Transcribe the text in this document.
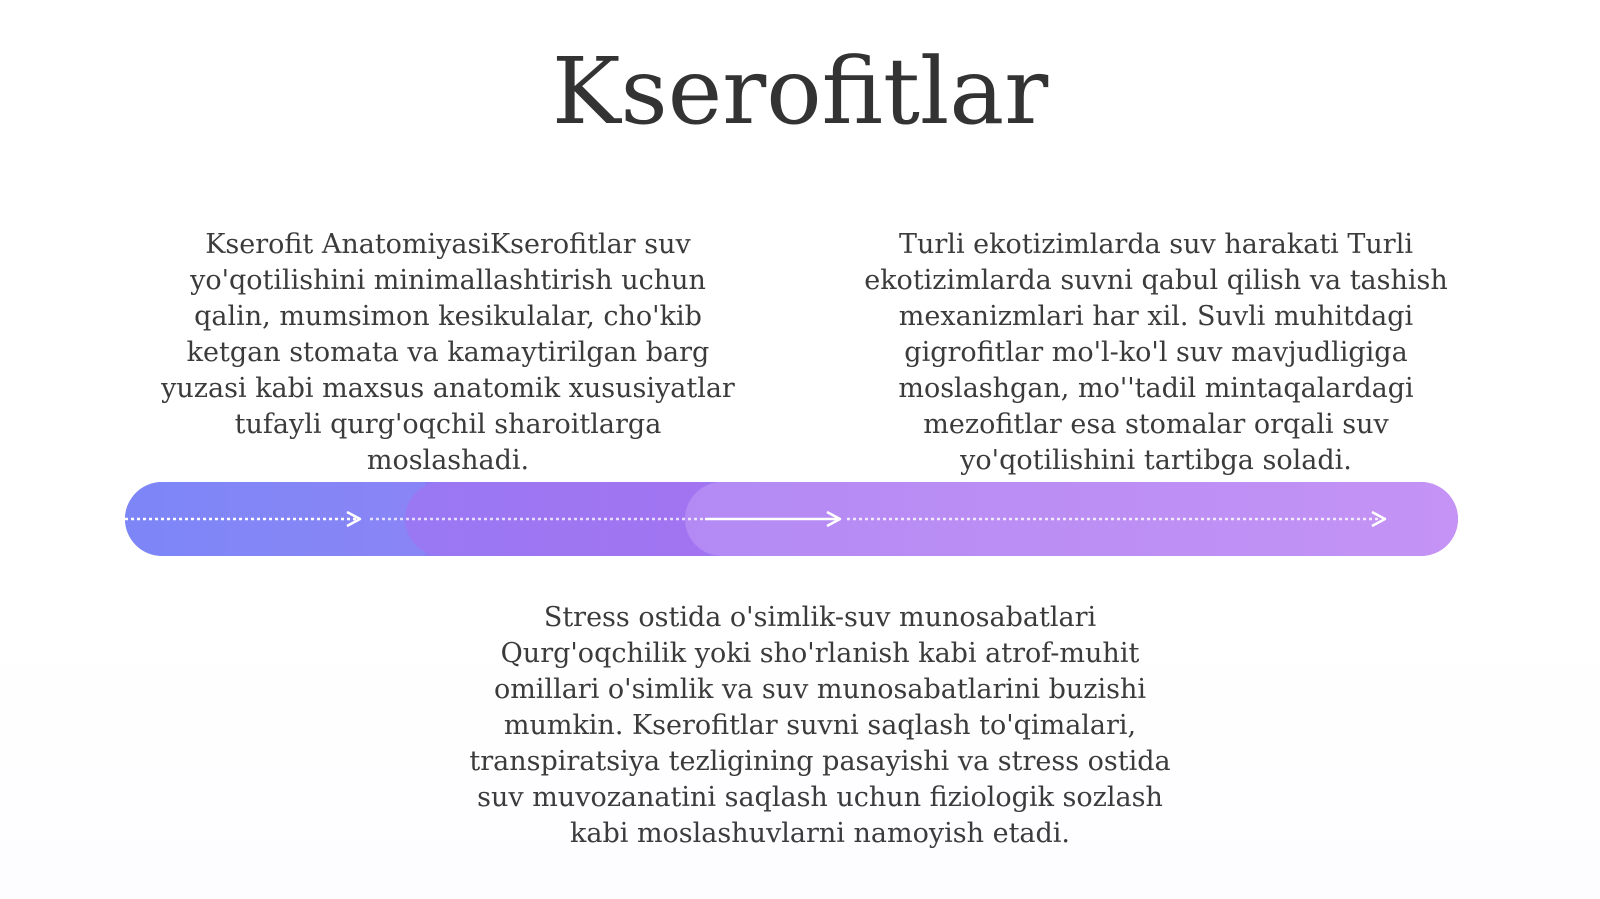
Kserofitlar
Kserofit AnatomiyasiKserofitlar suv yo'qotilishini minimallashtirish uchun qalin, mumsimon kesikulalar, cho'kib ketgan stomata va kamaytirilgan barg yuzasi kabi maxsus anatomik xususiyatlar tufayli qurg'oqchil sharoitlarga moslashadi.
Turli ekotizimlarda suv harakati Turli ekotizimlarda suvni qabul qilish va tashish mexanizmlari har xil. Suvli muhitdagi gigrofitlar mo'l-ko'l suv mavjudligiga moslashgan, mo''tadil mintaqalardagi mezofitlar esa stomalar orqali suv yo'qotilishini tartibga soladi.
Stress ostida o'simlik-suv munosabatlari Qurg'oqchilik yoki sho'rlanish kabi atrof-muhit omillari o'simlik va suv munosabatlarini buzishi mumkin. Kserofitlar suvni saqlash to'qimalari, transpiratsiya tezligining pasayishi va stress ostida suv muvozanatini saqlash uchun fiziologik sozlash kabi moslashuvlarni namoyish etadi.
